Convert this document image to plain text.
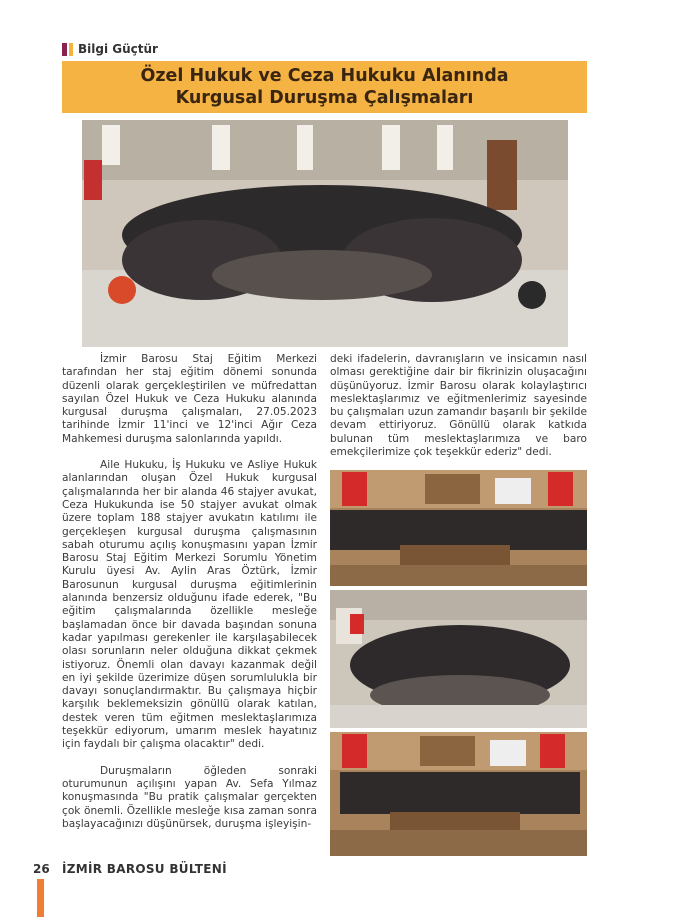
Bilgi Güçtür
Özel Hukuk ve Ceza Hukuku Alanında
Kurgusal Duruşma Çalışmaları

İzmir Barosu Staj Eğitim Merkezi tarafından her staj eğitim dönemi sonunda düzenli olarak gerçekleştirilen ve müfredattan sayılan Özel Hukuk ve Ceza Hukuku alanında kurgusal duruşma çalışmaları, 27.05.2023 tarihinde İzmir 11'inci ve 12'inci Ağır Ceza Mahkemesi duruşma salonlarında yapıldı.

Aile Hukuku, İş Hukuku ve Asliye Hukuk alanlarından oluşan Özel Hukuk kurgusal çalışmalarında her bir alanda 46 stajyer avukat, Ceza Hukukunda ise 50 stajyer avukat olmak üzere toplam 188 stajyer avukatın katılımı ile gerçekleşen kurgusal duruşma çalışmasının sabah oturumu açılış konuşmasını yapan İzmir Barosu Staj Eğitim Merkezi Sorumlu Yönetim Kurulu üyesi Av. Aylin Aras Öztürk, İzmir Barosunun kurgusal duruşma eğitimlerinin alanında benzersiz olduğunu ifade ederek, "Bu eğitim çalışmalarında özellikle mesleğe başlamadan önce bir davada başından sonuna kadar yapılması gerekenler ile karşılaşabilecek olası sorunların neler olduğuna dikkat çekmek istiyoruz. Önemli olan davayı kazanmak değil en iyi şekilde üzerimize düşen sorumlulukla bir davayı sonuçlandırmaktır. Bu çalışmaya hiçbir karşılık beklemeksizin gönüllü olarak katılan, destek veren tüm eğitmen meslektaşlarımıza teşekkür ediyorum, umarım meslek hayatınız için faydalı bir çalışma olacaktır" dedi.

Duruşmaların öğleden sonraki oturumunun açılışını yapan Av. Sefa Yılmaz konuşmasında "Bu pratik çalışmalar gerçekten çok önemli. Özellikle mesleğe kısa zaman sonra başlayacağınızı düşünürsek, duruşma işleyişin-

deki ifadelerin, davranışların ve insicamın nasıl olması gerektiğine dair bir fikrinizin oluşacağını düşünüyoruz. İzmir Barosu olarak kolaylaştırıcı meslektaşlarımız ve eğitmenlerimiz sayesinde bu çalışmaları uzun zamandır başarılı bir şekilde devam ettiriyoruz. Gönüllü olarak katkıda bulunan tüm meslektaşlarımıza ve baro emekçilerimize çok teşekkür ederiz" dedi.

26 İZMİR BAROSU BÜLTENİ
